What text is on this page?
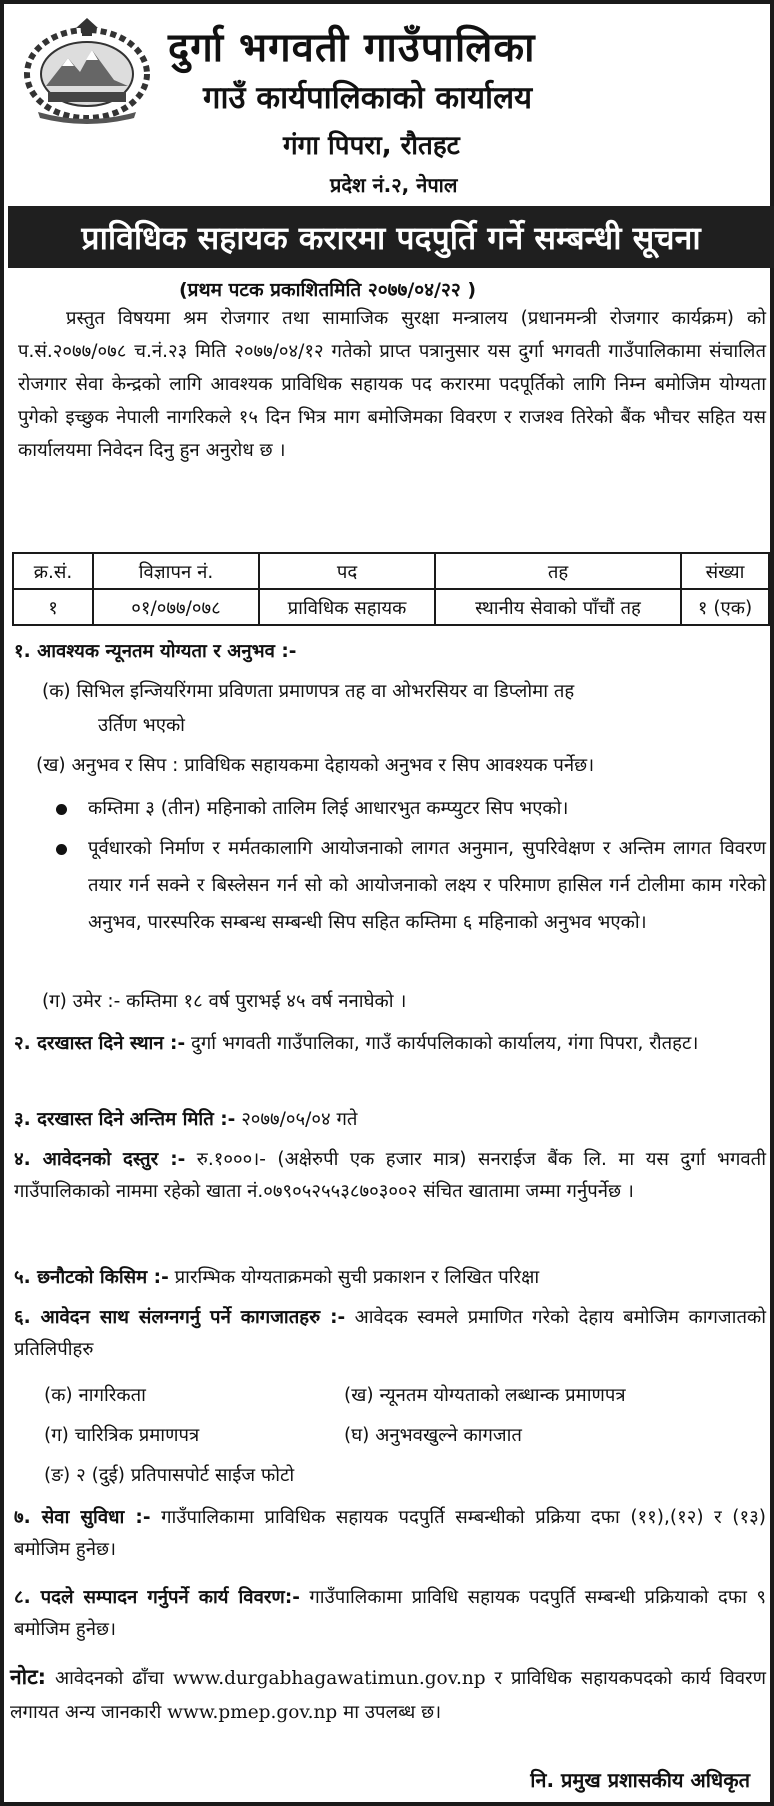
दुर्गा भगवती गाउँपालिका
गाउँ कार्यपालिकाको कार्यालय
गंगा पिपरा, रौतहट
प्रदेश नं.२, नेपाल
प्राविधिक सहायक करारमा पदपुर्ति गर्ने सम्बन्धी सूचना
(प्रथम पटक प्रकाशितमिति २०७७/०४/२२ )

प्रस्तुत विषयमा श्रम रोजगार तथा सामाजिक सुरक्षा मन्त्रालय (प्रधानमन्त्री रोजगार कार्यक्रम) को प.सं.२०७७/०७८ च.नं.२३ मिति २०७७/०४/१२ गतेको प्राप्त पत्रानुसार यस दुर्गा भगवती गाउँपालिकामा संचालित रोजगार सेवा केन्द्रको लागि आवश्यक प्राविधिक सहायक पद करारमा पदपूर्तिको लागि निम्न बमोजिम योग्यता पुगेको इच्छुक नेपाली नागरिकले १५ दिन भित्र माग बमोजिमका विवरण र राजश्व तिरेको बैंक भौचर सहित यस कार्यालयमा निवेदन दिनु हुन अनुरोध छ ।

क्र.सं.	विज्ञापन नं.	पद	तह	संख्या
१	०१/०७७/०७८	प्राविधिक सहायक	स्थानीय सेवाको पाँचौं तह	१ (एक)
१. आवश्यक न्यूनतम योग्यता र अनुभव :-
(क) सिभिल इन्जियरिंगमा प्रविणता प्रमाणपत्र तह वा ओभरसियर वा डिप्लोमा तह
उर्तिण भएको
(ख) अनुभव र सिप : प्राविधिक सहायकमा देहायको अनुभव र सिप आवश्यक पर्नेछ।
कम्तिमा ३ (तीन) महिनाको तालिम लिई आधारभुत कम्प्युटर सिप भएको।
पूर्वधारको निर्माण र मर्मतकालागि आयोजनाको लागत अनुमान, सुपरिवेक्षण र अन्तिम लागत विवरण तयार गर्न सक्ने र बिस्लेसन गर्न सो को आयोजनाको लक्ष्य र परिमाण हासिल गर्न टोलीमा काम गरेको अनुभव, पारस्परिक सम्बन्ध सम्बन्धी सिप सहित कम्तिमा ६ महिनाको अनुभव भएको।
(ग) उमेर :- कम्तिमा १८ वर्ष पुराभई ४५ वर्ष ननाघेको ।
२. दरखास्त दिने स्थान :- दुर्गा भगवती गाउँपालिका, गाउँ कार्यपलिकाको कार्यालय, गंगा पिपरा, रौतहट।
३. दरखास्त दिने अन्तिम मिति :- २०७७/०५/०४ गते
४. आवेदनको दस्तुर :- रु.१०००।- (अक्षेरुपी एक हजार मात्र) सनराईज बैंक लि. मा यस दुर्गा भगवती गाउँपालिकाको नाममा रहेको खाता नं.०७९०५२५५३८७०३००२ संचित खातामा जम्मा गर्नुपर्नेछ ।
५. छनौटको किसिम :- प्रारम्भिक योग्यताक्रमको सुची प्रकाशन र लिखित परिक्षा
६. आवेदन साथ संलग्नगर्नु पर्ने कागजातहरु :- आवेदक स्वमले प्रमाणित गरेको देहाय बमोजिम कागजातको प्रतिलिपीहरु
(क) नागरिकता	(ख) न्यूनतम योग्यताको लब्धान्क प्रमाणपत्र
(ग) चारित्रिक प्रमाणपत्र	(घ) अनुभवखुल्ने कागजात
(ङ) २ (दुई) प्रतिपासपोर्ट साईज फोटो
७. सेवा सुविधा :- गाउँपालिकामा प्राविधिक सहायक पदपुर्ति सम्बन्धीको प्रक्रिया दफा (११),(१२) र (१३) बमोजिम हुनेछ।
८. पदले सम्पादन गर्नुपर्ने कार्य विवरण:- गाउँपालिकामा प्राविधि सहायक पदपुर्ति सम्बन्धी प्रक्रियाको दफा ९ बमोजिम हुनेछ।
नोट: आवेदनको ढाँचा www.durgabhagawatimun.gov.np र प्राविधिक सहायकपदको कार्य विवरण लगायत अन्य जानकारी www.pmep.gov.np मा उपलब्ध छ।
नि. प्रमुख प्रशासकीय अधिकृत
